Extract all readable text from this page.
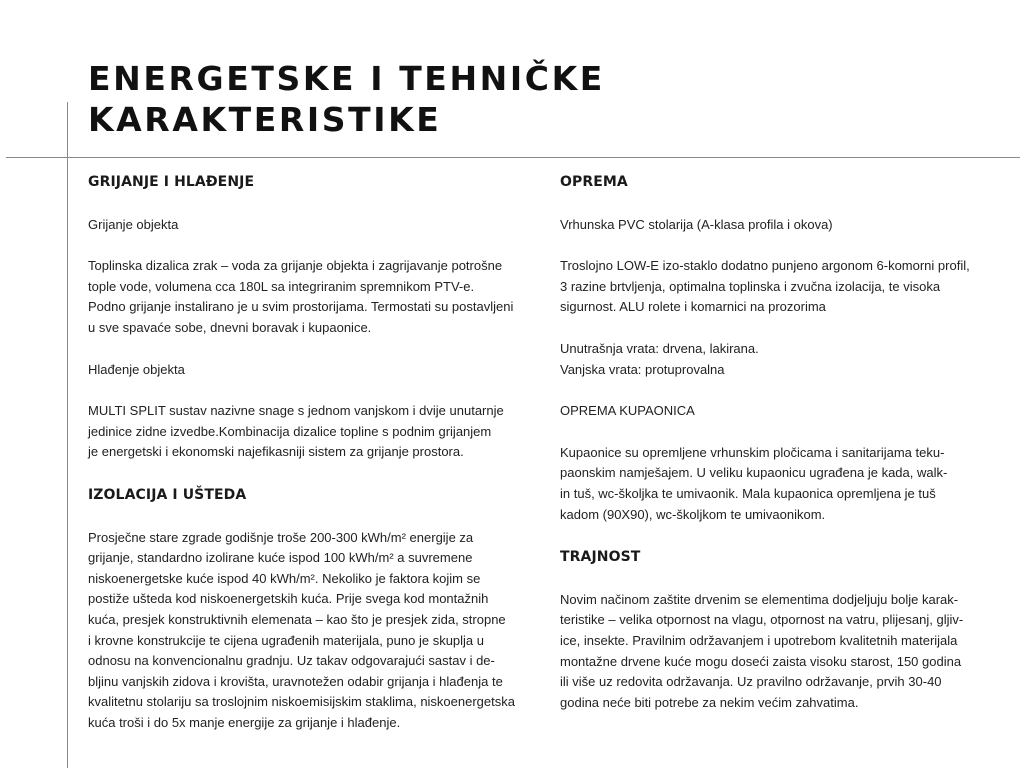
ENERGETSKE I TEHNIČKE
KARAKTERISTIKE
GRIJANJE I HLAĐENJE

Grijanje objekta

Toplinska dizalica zrak – voda za grijanje objekta i zagrijavanje potrošne
tople vode, volumena cca 180L sa integriranim spremnikom PTV-e.
Podno grijanje instalirano je u svim prostorijama. Termostati su postavljeni
u sve spavaće sobe, dnevni boravak i kupaonice.

Hlađenje objekta

MULTI SPLIT sustav nazivne snage s jednom vanjskom i dvije unutarnje
jedinice zidne izvedbe.Kombinacija dizalice topline s podnim grijanjem
je energetski i ekonomski najefikasniji sistem za grijanje prostora.

IZOLACIJA I UŠTEDA

Prosječne stare zgrade godišnje troše 200-300 kWh/m² energije za
grijanje, standardno izolirane kuće ispod 100 kWh/m² a suvremene
niskoenergetske kuće ispod 40 kWh/m². Nekoliko je faktora kojim se
postiže ušteda kod niskoenergetskih kuća. Prije svega kod montažnih
kuća, presjek konstruktivnih elemenata – kao što je presjek zida, stropne
i krovne konstrukcije te cijena ugrađenih materijala, puno je skuplja u
odnosu na konvencionalnu gradnju. Uz takav odgovarajući sastav i de-
bljinu vanjskih zidova i krovišta, uravnotežen odabir grijanja i hlađenja te
kvalitetnu stolariju sa troslojnim niskoemisijskim staklima, niskoenergetska
kuća troši i do 5x manje energije za grijanje i hlađenje.

OPREMA

Vrhunska PVC stolarija (A-klasa profila i okova)

Troslojno LOW-E izo-staklo dodatno punjeno argonom 6-komorni profil,
3 razine brtvljenja, optimalna toplinska i zvučna izolacija, te visoka
sigurnost. ALU rolete i komarnici na prozorima

Unutrašnja vrata: drvena, lakirana.
Vanjska vrata: protuprovalna

OPREMA KUPAONICA

Kupaonice su opremljene vrhunskim pločicama i sanitarijama teku-
paonskim namješajem. U veliku kupaonicu ugrađena je kada, walk-
in tuš, wc-školjka te umivaonik. Mala kupaonica opremljena je tuš
kadom (90X90), wc-školjkom te umivaonikom.

TRAJNOST

Novim načinom zaštite drvenim se elementima dodjeljuju bolje karak-
teristike – velika otpornost na vlagu, otpornost na vatru, plijesanj, gljiv-
ice, insekte. Pravilnim održavanjem i upotrebom kvalitetnih materijala
montažne drvene kuće mogu doseći zaista visoku starost, 150 godina
ili više uz redovita održavanja. Uz pravilno održavanje, prvih 30-40
godina neće biti potrebe za nekim većim zahvatima.
